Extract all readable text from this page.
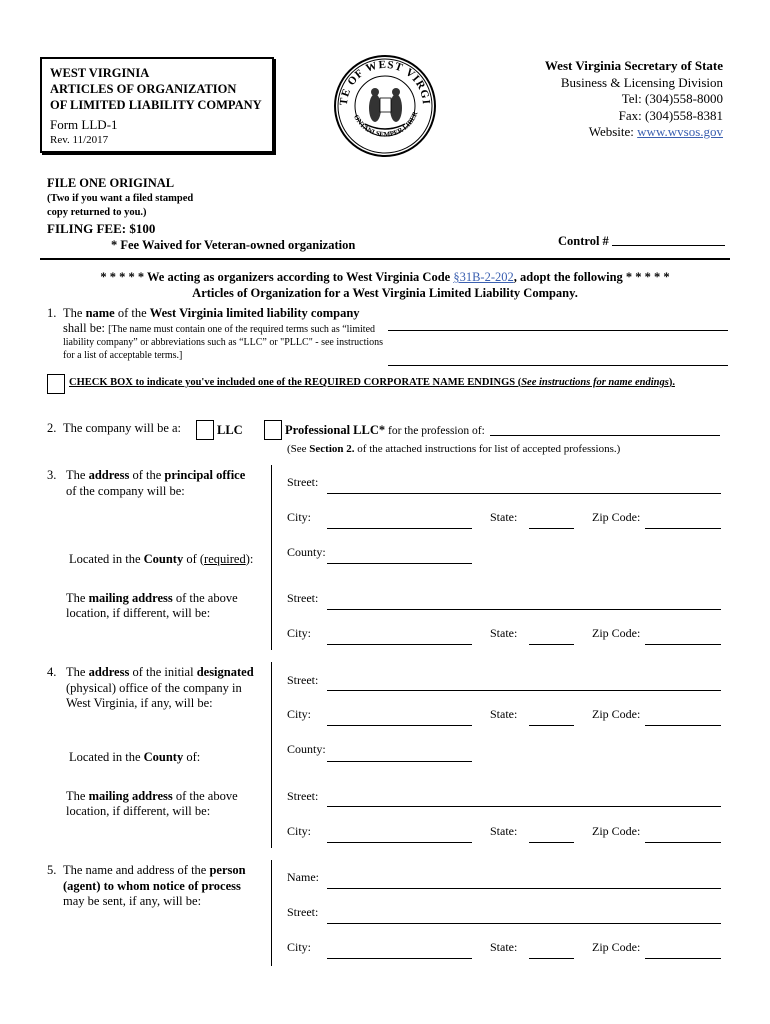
WEST VIRGINIA
ARTICLES OF ORGANIZATION
OF LIMITED LIABILITY COMPANY
Form LLD-1
Rev. 11/2017
TE OF WEST VIRGI
ONTANI SEMPER LIBER
West Virginia Secretary of State
Business & Licensing Division
Tel: (304)558-8000
Fax: (304)558-8381
Website: www.wvsos.gov
FILE ONE ORIGINAL
(Two if you want a filed stamped
copy returned to you.)
FILING FEE: $100
* Fee Waived for Veteran-owned organization	Control #
* * * * * We acting as organizers according to West Virginia Code §31B-2-202, adopt the following * * * * *
Articles of Organization for a West Virginia Limited Liability Company.
1. The name of the West Virginia limited liability company
shall be: [The name must contain one of the required terms such as “limited
liability company” or abbreviations such as “LLC” or "PLLC" - see instructions
for a list of acceptable terms.]
CHECK BOX to indicate you've included one of the REQUIRED CORPORATE NAME ENDINGS (See instructions for name endings).
2. The company will be a:	LLC	Professional LLC* for the profession of:
(See Section 2. of the attached instructions for list of accepted professions.)
3. The address of the principal office
of the company will be:
Street:
City:	State:	Zip Code:
Located in the County of (required):	County:
The mailing address of the above
location, if different, will be:
Street:
City:	State:	Zip Code:
4. The address of the initial designated
(physical) office of the company in
West Virginia, if any, will be:
Street:
City:	State:	Zip Code:
Located in the County of:
County:
The mailing address of the above
location, if different, will be:
Street:
City:	State:	Zip Code:
5. The name and address of the person
(agent) to whom notice of process
may be sent, if any, will be:
Name:
Street:
City:	State:	Zip Code:
